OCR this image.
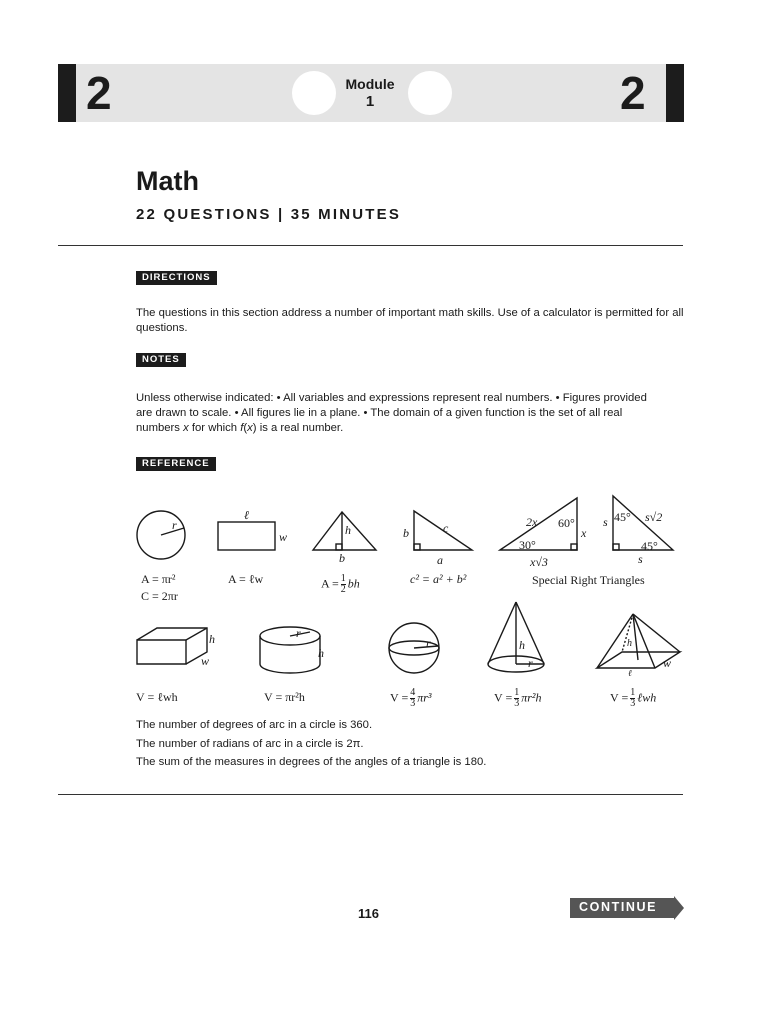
2	2
Module
1
Math
22 QUESTIONS | 35 MINUTES
DIRECTIONS
The questions in this section address a number of important math skills. Use of a calculator is permitted for all questions.
NOTES
Unless otherwise indicated: • All variables and expressions represent real numbers. • Figures provided
are drawn to scale. • All figures lie in a plane. • The domain of a given function is the set of all real
numbers x for which f(x) is a real number.
REFERENCE
r
A = πr²
C = 2πr
ℓ
w
A = ℓw
h
b
$A = \frac{1}{2}$ bh
b	c
a
c² = a² + b²
2x 60°
30°
x
x√3
s 45° s√2
45°
s
Special Right Triangles
h
w
V = ℓwh
r
h
V = πr²h
r
$V = \frac{4}{3} \pi r^3$
h
r
$V = \frac{1}{3} \pi r^2h$
h
w
ℓ
$V = \frac{1}{3}$ ℓwh
The number of degrees of arc in a circle is 360.
The number of radians of arc in a circle is 2π.
The sum of the measures in degrees of the angles of a triangle is 180.
116	CONTINUE
